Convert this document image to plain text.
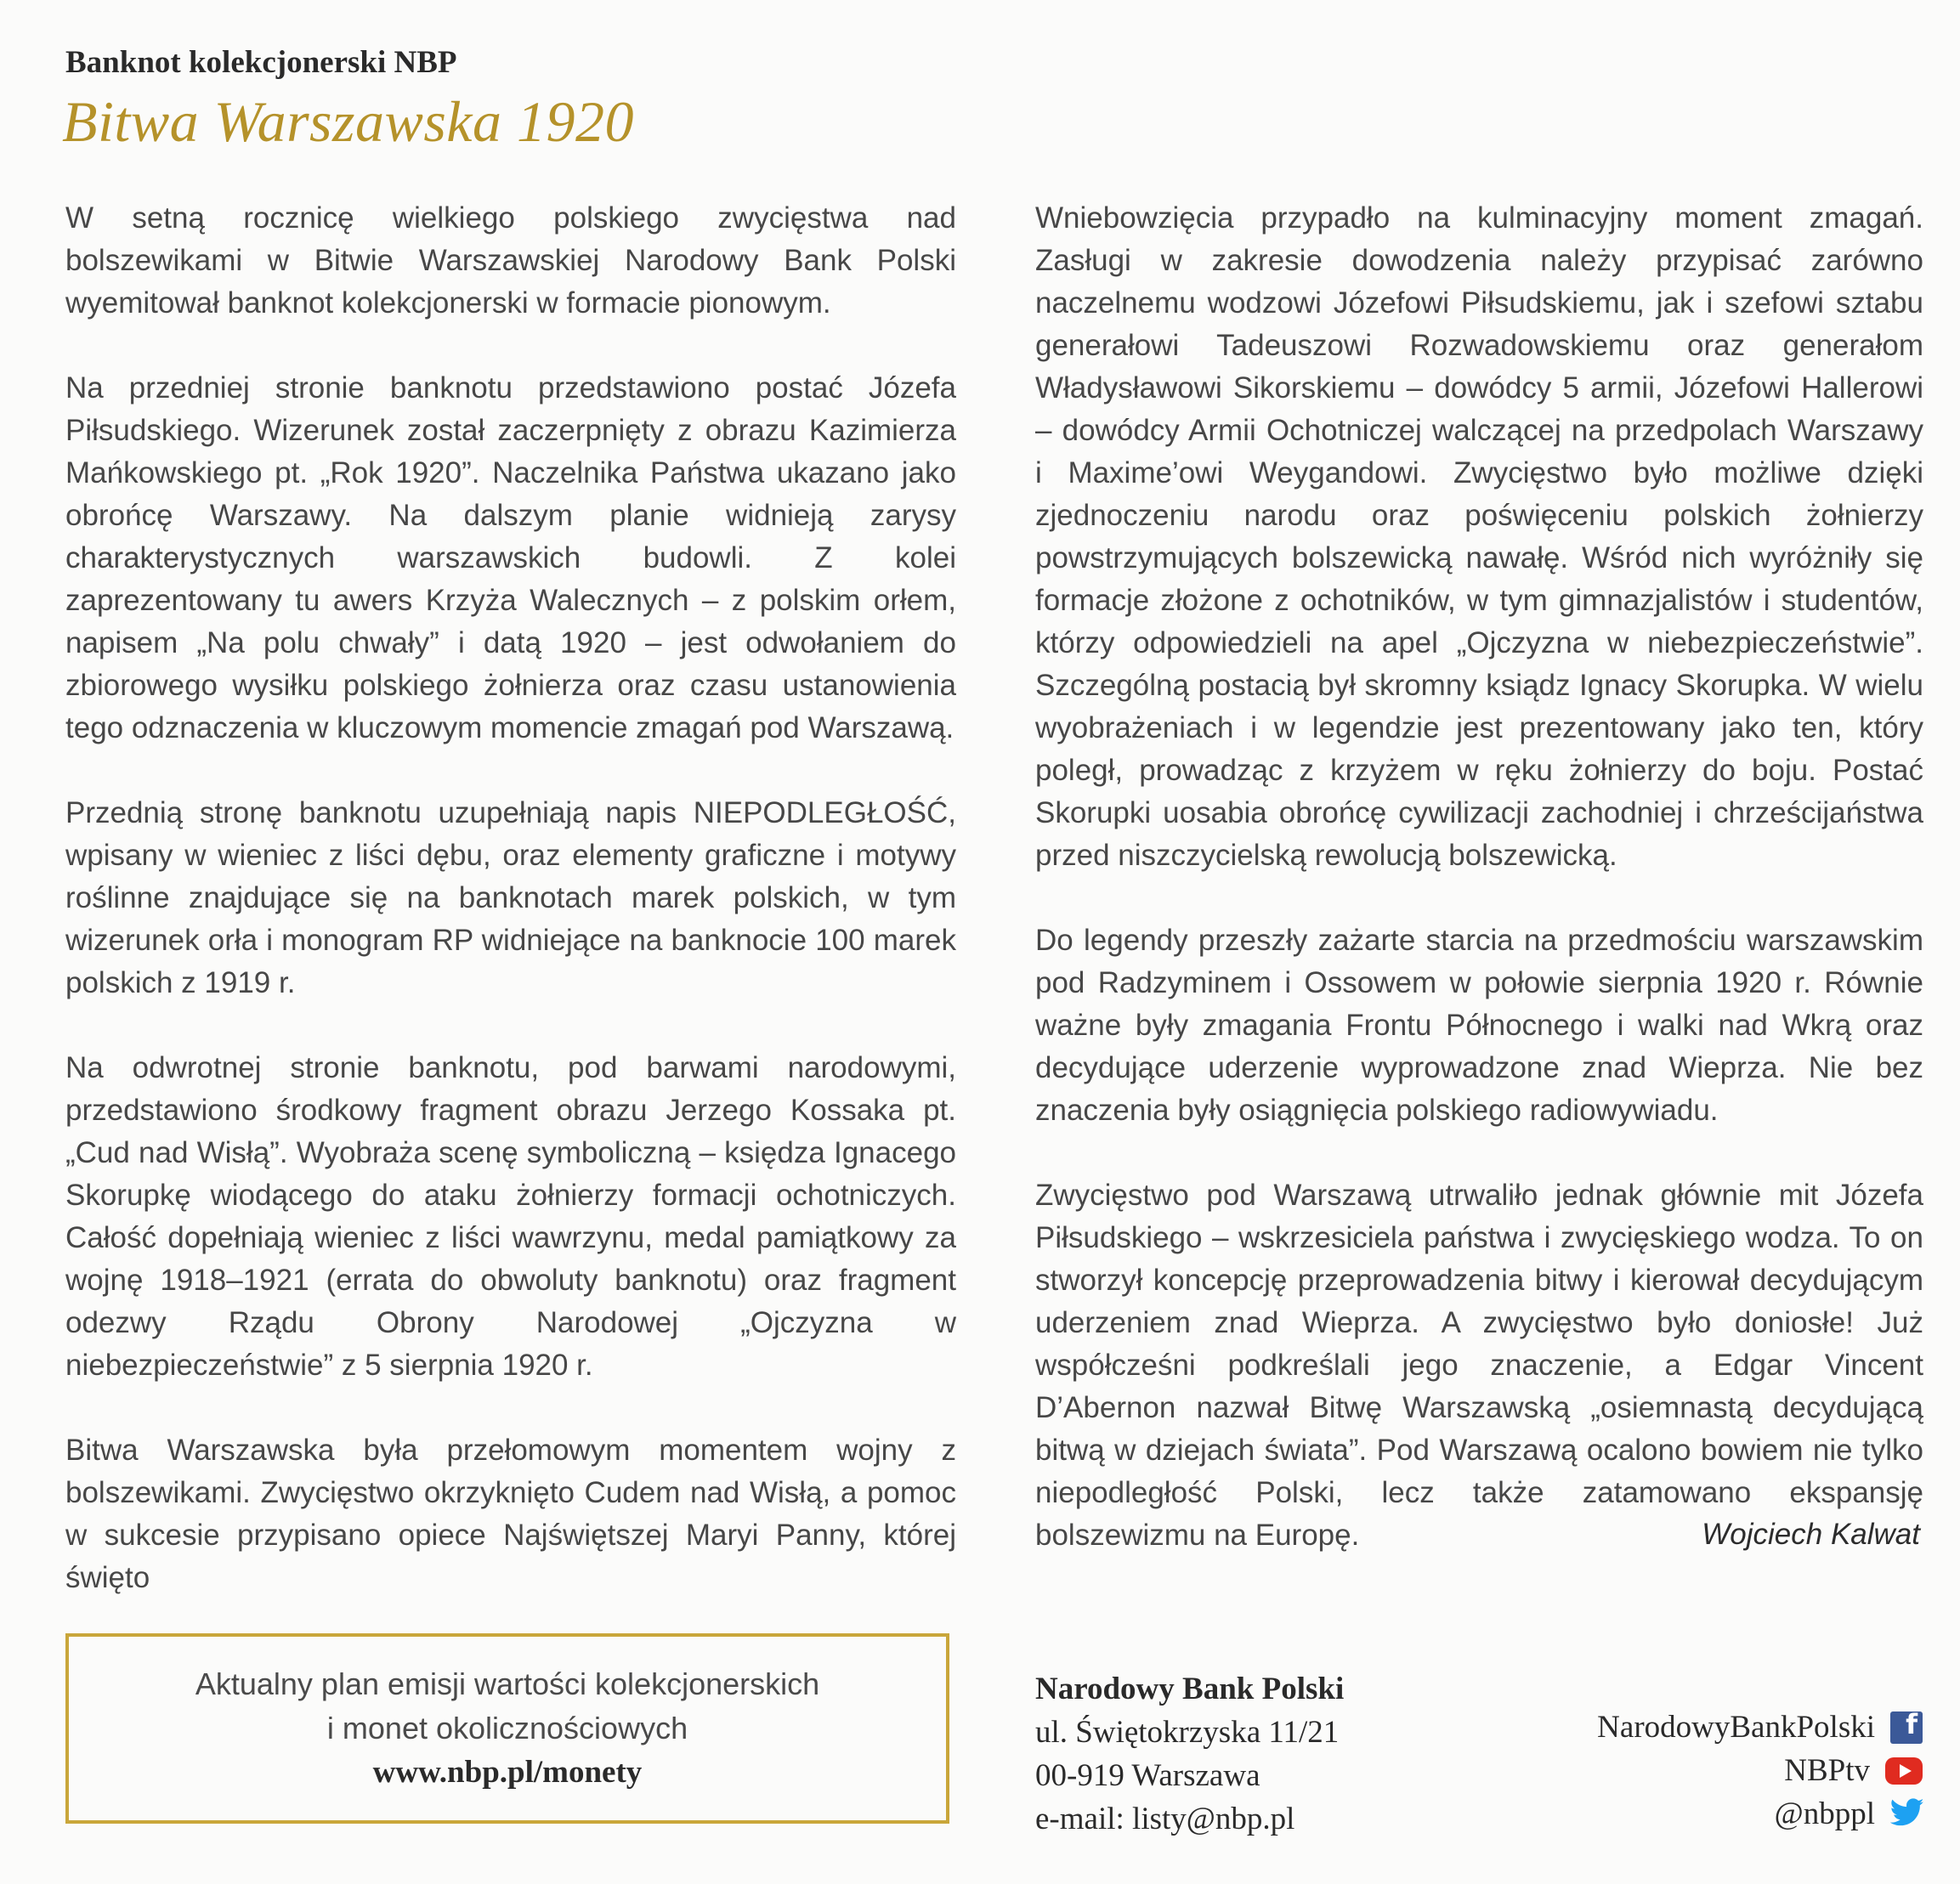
Banknot kolekcjonerski NBP
Bitwa Warszawska 1920

W setną rocznicę wielkiego polskiego zwycięstwa nad bolszewikami w Bitwie Warszawskiej Narodowy Bank Polski wyemitował banknot kolekcjonerski w formacie pionowym.

Na przedniej stronie banknotu przedstawiono postać Józefa Piłsudskiego. Wizerunek został zaczerpnięty z obrazu Kazimierza Mańkowskiego pt. „Rok 1920”. Naczelnika Państwa ukazano jako obrońcę Warszawy. Na dalszym planie widnieją zarysy charakterystycznych warszawskich budowli. Z kolei zaprezentowany tu awers Krzyża Walecznych – z polskim orłem, napisem „Na polu chwały” i datą 1920 – jest odwołaniem do zbiorowego wysiłku polskiego żołnierza oraz czasu ustanowienia tego odznaczenia w kluczowym momencie zmagań pod Warszawą.

Przednią stronę banknotu uzupełniają napis NIEPODLEGŁOŚĆ, wpisany w wieniec z liści dębu, oraz elementy graficzne i motywy roślinne znajdujące się na banknotach marek polskich, w tym wizerunek orła i monogram RP widniejące na banknocie 100 marek polskich z 1919 r.

Na odwrotnej stronie banknotu, pod barwami narodowymi, przedstawiono środkowy fragment obrazu Jerzego Kossaka pt. „Cud nad Wisłą”. Wyobraża scenę symboliczną – księdza Ignacego Skorupkę wiodącego do ataku żołnierzy formacji ochotniczych. Całość dopełniają wieniec z liści wawrzynu, medal pamiątkowy za wojnę 1918–1921 (errata do obwoluty banknotu) oraz fragment odezwy Rządu Obrony Narodowej „Ojczyzna w niebezpieczeństwie” z 5 sierpnia 1920 r.

Bitwa Warszawska była przełomowym momentem wojny z bolszewikami. Zwycięstwo okrzyknięto Cudem nad Wisłą, a pomoc w sukcesie przypisano opiece Najświętszej Maryi Panny, której święto

Wniebowzięcia przypadło na kulminacyjny moment zmagań. Zasługi w zakresie dowodzenia należy przypisać zarówno naczelnemu wodzowi Józefowi Piłsudskiemu, jak i szefowi sztabu generałowi Tadeuszowi Rozwadowskiemu oraz generałom Władysławowi Sikorskiemu – dowódcy 5 armii, Józefowi Hallerowi – dowódcy Armii Ochotniczej walczącej na przedpolach Warszawy i Maxime’owi Weygandowi. Zwycięstwo było możliwe dzięki zjednoczeniu narodu oraz poświęceniu polskich żołnierzy powstrzymujących bolszewicką nawałę. Wśród nich wyróżniły się formacje złożone z ochotników, w tym gimnazjalistów i studentów, którzy odpowiedzieli na apel „Ojczyzna w niebezpieczeństwie”. Szczególną postacią był skromny ksiądz Ignacy Skorupka. W wielu wyobrażeniach i w legendzie jest prezentowany jako ten, który poległ, prowadząc z krzyżem w ręku żołnierzy do boju. Postać Skorupki uosabia obrońcę cywilizacji zachodniej i chrześcijaństwa przed niszczycielską rewolucją bolszewicką.

Do legendy przeszły zażarte starcia na przedmościu warszawskim pod Radzyminem i Ossowem w połowie sierpnia 1920 r. Równie ważne były zmagania Frontu Północnego i walki nad Wkrą oraz decydujące uderzenie wyprowadzone znad Wieprza. Nie bez znaczenia były osiągnięcia polskiego radiowywiadu.

Zwycięstwo pod Warszawą utrwaliło jednak głównie mit Józefa Piłsudskiego – wskrzesiciela państwa i zwycięskiego wodza. To on stworzył koncepcję przeprowadzenia bitwy i kierował decydującym uderzeniem znad Wieprza. A zwycięstwo było doniosłe! Już współcześni podkreślali jego znaczenie, a Edgar Vincent D’Abernon nazwał Bitwę Warszawską „osiemnastą decydującą bitwą w dziejach świata”. Pod Warszawą ocalono bowiem nie tylko niepodległość Polski, lecz także zatamowano ekspansję bolszewizmu na Europę.	Wojciech Kalwat
Aktualny plan emisji wartości kolekcjonerskich
i monet okolicznościowych
www.nbp.pl/monety
Narodowy Bank Polski
ul. Świętokrzyska 11/21
00-919 Warszawa
e-mail: listy@nbp.pl
NarodowyBankPolski
f
NBPtv
@nbppl
